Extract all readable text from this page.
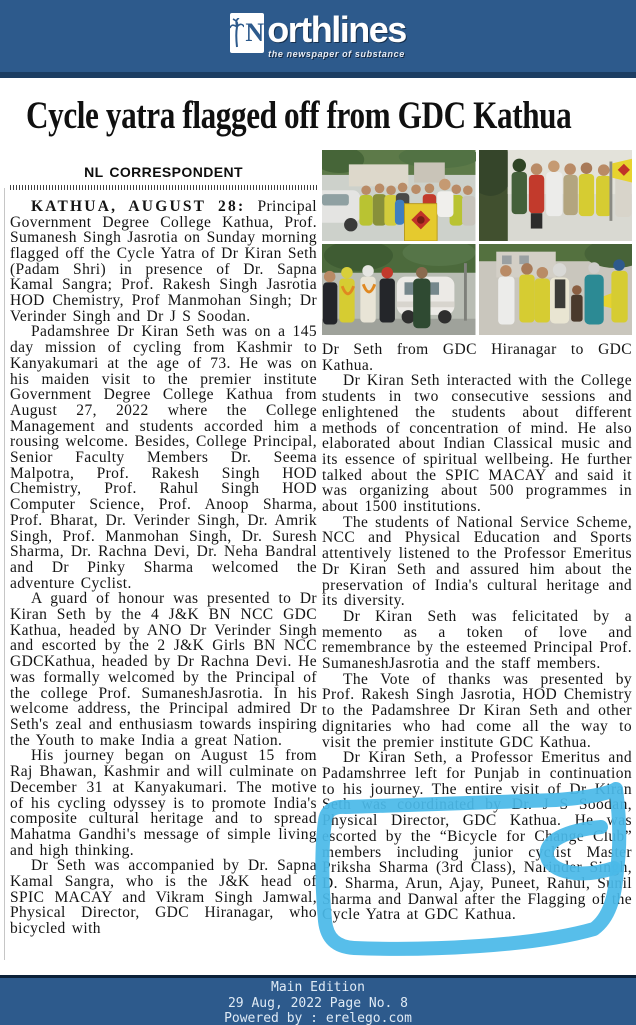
N orthlines
the newspaper of substance
Cycle yatra flagged off from GDC Kathua
NL CORRESPONDENT

KATHUA, AUGUST 28: Principal Government Degree College Kathua, Prof. Sumanesh Singh Jasrotia on Sunday morning flagged off the Cycle Yatra of Dr Kiran Seth (Padam Shri) in presence of Dr. Sapna Kamal Sangra; Prof. Rakesh Singh Jasrotia HOD Chemistry, Prof Manmohan Singh; Dr Verinder Singh and Dr J S Soodan.

Padamshree Dr Kiran Seth was on a 145 day mission of cycling from Kashmir to Kanyakumari at the age of 73. He was on his maiden visit to the premier institute Government Degree College Kathua from August 27, 2022 where the College Management and students accorded him a rousing welcome. Besides, College Principal, Senior Faculty Members Dr. Seema Malpotra, Prof. Rakesh Singh HOD Chemistry, Prof. Rahul Singh HOD Computer Science, Prof. Anoop Sharma, Prof. Bharat, Dr. Verinder Singh, Dr. Amrik Singh, Prof. Manmohan Singh, Dr. Suresh Sharma, Dr. Rachna Devi, Dr. Neha Bandral and Dr Pinky Sharma welcomed the adventure Cyclist.

A guard of honour was presented to Dr Kiran Seth by the 4 J&K BN NCC GDC Kathua, headed by ANO Dr Verinder Singh and escorted by the 2 J&K Girls BN NCC GDCKathua, headed by Dr Rachna Devi. He was formally welcomed by the Principal of the college Prof. SumaneshJasrotia. In his welcome address, the Principal admired Dr Seth's zeal and enthusiasm towards inspiring the Youth to make India a great Nation.

His journey began on August 15 from Raj Bhawan, Kashmir and will culminate on December 31 at Kanyakumari. The motive of his cycling odyssey is to promote India's composite cultural heritage and to spread Mahatma Gandhi's message of simple living and high thinking.

Dr Seth was accompanied by Dr. Sapna Kamal Sangra, who is the J&K head of SPIC MACAY and Vikram Singh Jamwal, Physical Director, GDC Hiranagar, who bicycled with

Dr Seth from GDC Hiranagar to GDC Kathua.

Dr Kiran Seth interacted with the College students in two consecutive sessions and enlightened the students about different methods of concentration of mind. He also elaborated about Indian Classical music and its essence of spiritual wellbeing. He further talked about the SPIC MACAY and said it was organizing about 500 programmes in about 1500 institutions.

The students of National Service Scheme, NCC and Physical Education and Sports attentively listened to the Professor Emeritus Dr Kiran Seth and assured him about the preservation of India's cultural heritage and its diversity.

Dr Kiran Seth was felicitated by a memento as a token of love and remembrance by the esteemed Principal Prof. SumaneshJasrotia and the staff members.

The Vote of thanks was presented by Prof. Rakesh Singh Jasrotia, HOD Chemistry to the Padamshree Dr Kiran Seth and other dignitaries who had come all the way to visit the premier institute GDC Kathua.

Dr Kiran Seth, a Professor Emeritus and Padamshrree left for Punjab in continuation to his journey. The entire visit of Dr Kiran Seth was coordinated by Dr. J S Soodan, Physical Director, GDC Kathua. He was escorted by the “Bicycle for Change Club” members including junior cyclist Master Priksha Sharma (3rd Class), Narinder Singh, D. Sharma, Arun, Ajay, Puneet, Rahul, Sunil Sharma and Danwal after the Flagging of the Cycle Yatra at GDC Kathua.

Main Edition
29 Aug, 2022 Page No. 8
Powered by : erelego.com
